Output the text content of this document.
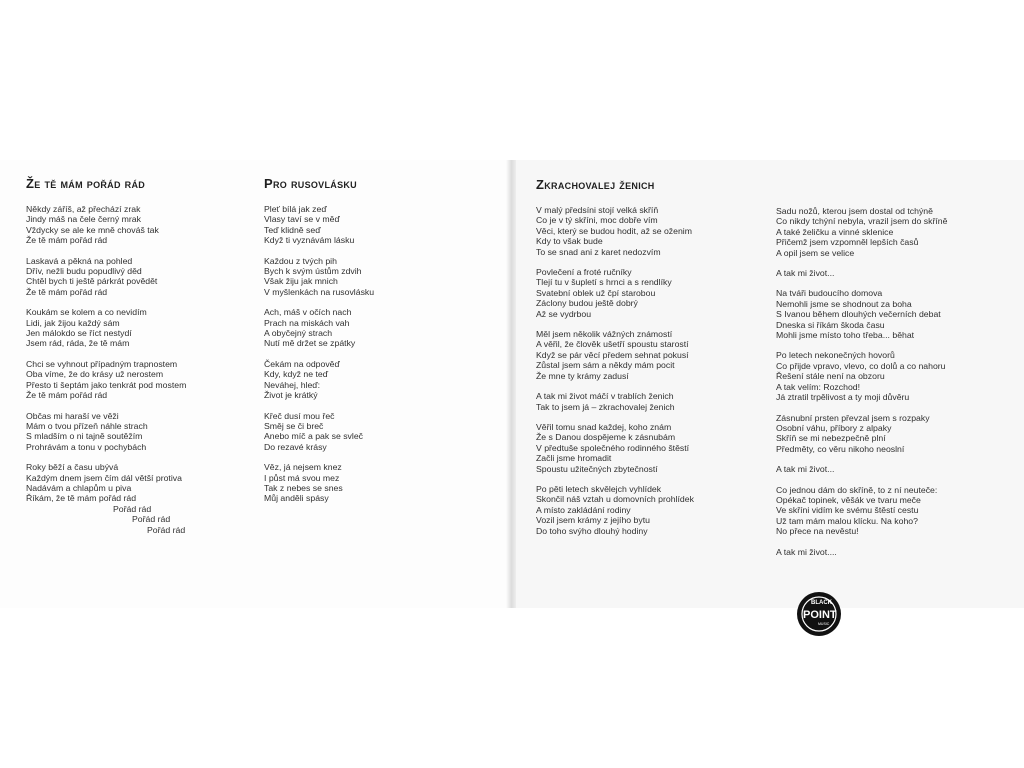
Že tě mám pořád rád
Někdy záříš, až přechází zrak
Jindy máš na čele černý mrak
Vždycky se ale ke mně chováš tak
Že tě mám pořád rád
Laskavá a pěkná na pohled
Dřív, nežli budu popudlivý děd
Chtěl bych ti ještě párkrát povědět
Že tě mám pořád rád
Koukám se kolem a co nevidím
Lidi, jak žijou každý sám
Jen málokdo se říct nestydí
Jsem rád, ráda, že tě mám
Chci se vyhnout případným trapnostem
Oba víme, že do krásy už nerostem
Přesto ti šeptám jako tenkrát pod mostem
Že tě mám pořád rád
Občas mi haraší ve věži
Mám o tvou přízeň náhle strach
S mladším o ni tajně soutěžím
Prohrávám a tonu v pochybách
Roky běží a času ubývá
Každým dnem jsem čím dál větší protiva
Nadávám a chlapům u piva
Říkám, že tě mám pořád rád
Pořád rád
Pořád rád
Pořád rád
Pro rusovlásku
Pleť bílá jak zeď
Vlasy taví se v měď
Teď klidně seď
Když ti vyznávám lásku
Každou z tvých pih
Bych k svým ústům zdvih
Však žiju jak mnich
V myšlenkách na rusovlásku
Ach, máš v očích nach
Prach na miskách vah
A obyčejný strach
Nutí mě držet se zpátky
Čekám na odpověď
Kdy, když ne teď
Neváhej, hleď:
Život je krátký
Křeč dusí mou řeč
Směj se či breč
Anebo míč a pak se svleč
Do rezavé krásy
Věz, já nejsem knez
I půst má svou mez
Tak z nebes se snes
Můj anděli spásy
Zkrachovalej ženich
V malý předsíni stojí velká skříň
Co je v tý skříni, moc dobře vím
Věci, který se budou hodit, až se oženim
Kdy to však bude
To se snad ani z karet nedozvím
Povlečení a froté ručníky
Tlejí tu v šupletí s hrnci a s rendlíky
Svatební oblek už čpí starobou
Záclony budou ještě dobrý
Až se vydrbou
Měl jsem několik vážných známostí
A věřil, že člověk ušetří spoustu starostí
Když se pár věcí předem sehnat pokusí
Zůstal jsem sám a někdy mám pocit
Že mne ty krámy zadusí
A tak mi život máčí v trablích ženich
Tak to jsem já – zkrachovalej ženich
Věřil tomu snad každej, koho znám
Že s Danou dospějeme k zásnubám
V předtuše společného rodinného štěstí
Začli jsme hromadit
Spoustu užitečných zbytečností
Po pěti letech skvělejch vyhlídek
Skončil náš vztah u domovních prohlídek
A místo zakládání rodiny
Vozil jsem krámy z jejího bytu
Do toho svýho dlouhý hodiny
Sadu nožů, kterou jsem dostal od tchýně
Co nikdy tchýní nebyla, vrazil jsem do skříně
A také želičku a vinné sklenice
Přičemž jsem vzpomněl lepších časů
A opil jsem se velice
A tak mi život...
Na tváři budoucího domova
Nemohli jsme se shodnout za boha
S Ivanou během dlouhých večerních debat
Dneska si říkám škoda času
Mohli jsme místo toho třeba... běhat
Po letech nekonečných hovorů
Co přijde vpravo, vlevo, co dolů a co nahoru
Řešení stále není na obzoru
A tak velím: Rozchod!
Já ztratil trpělivost a ty moji důvěru
Zásnubní prsten převzal jsem s rozpaky
Osobní váhu, příbory z alpaky
Skříň se mi nebezpečně plní
Předměty, co věru nikoho neoslní
A tak mi život...
Co jednou dám do skříně, to z ní neuteče:
Opékač topinek, věšák ve tvaru meče
Ve skříni vidím ke svému štěstí cestu
Už tam mám malou klícku. Na koho?
No přece na nevěstu!
A tak mi život....
BLACK
POINT
MUSIC
